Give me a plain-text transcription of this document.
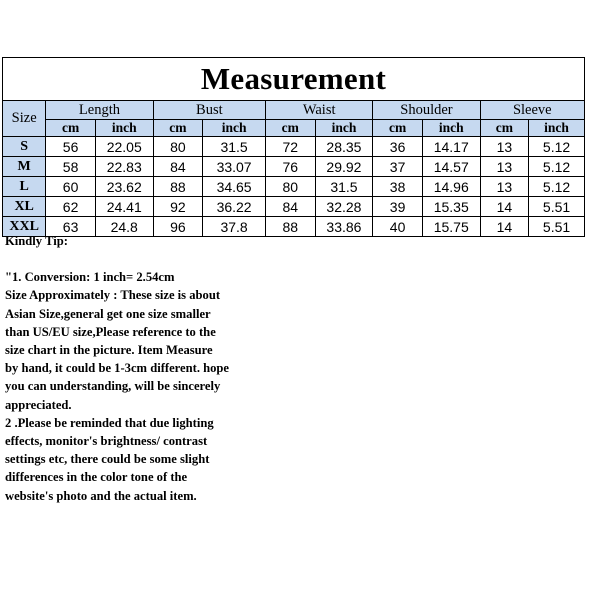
Measurement										
Size	Length		Bust		Waist		Shoulder		Sleeve	
	cm	inch	cm	inch	cm	inch	cm	inch	cm	inch
S	56	22.05	80	31.5	72	28.35	36	14.17	13	5.12
M	58	22.83	84	33.07	76	29.92	37	14.57	13	5.12
L	60	23.62	88	34.65	80	31.5	38	14.96	13	5.12
XL	62	24.41	92	36.22	84	32.28	39	15.35	14	5.51
XXL	63	24.8	96	37.8	88	33.86	40	15.75	14	5.51

Kindly Tip:

"1. Conversion: 1 inch= 2.54cm

Size Approximately : These size is about

Asian Size,general get one size smaller

than US/EU size,Please reference to the

size chart in the picture. Item Measure

by hand, it could be 1-3cm different. hope

you can understanding, will be sincerely

appreciated.

2 .Please be reminded that due lighting

effects, monitor's brightness/ contrast

settings etc, there could be some slight

differences in the color tone of the

website's photo and the actual item.
